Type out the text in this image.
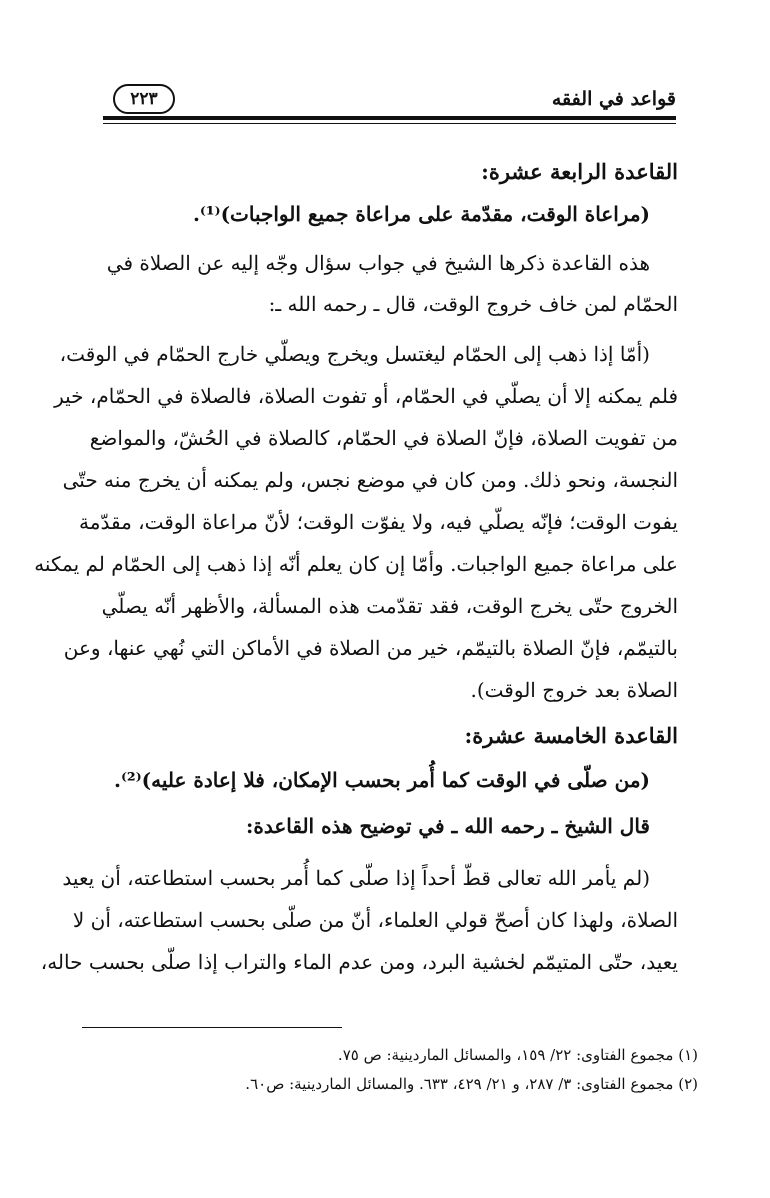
قواعد في الفقه
٢٢٣
القاعدة الرابعة عشرة:
(مراعاة الوقت، مقدّمة على مراعاة جميع الواجبات)⁽¹⁾.
هذه القاعدة ذكرها الشيخ في جواب سؤال وجّه إليه عن الصلاة في
الحمّام لمن خاف خروج الوقت، قال ـ رحمه الله ـ:
(أمّا إذا ذهب إلى الحمّام ليغتسل ويخرج ويصلّي خارج الحمّام في الوقت،
فلم يمكنه إلا أن يصلّي في الحمّام، أو تفوت الصلاة، فالصلاة في الحمّام، خير
من تفويت الصلاة، فإنّ الصلاة في الحمّام، كالصلاة في الحُشّ، والمواضع
النجسة، ونحو ذلك. ومن كان في موضع نجس، ولم يمكنه أن يخرج منه حتّى
يفوت الوقت؛ فإنّه يصلّي فيه، ولا يفوّت الوقت؛ لأنّ مراعاة الوقت، مقدّمة
على مراعاة جميع الواجبات. وأمّا إن كان يعلم أنّه إذا ذهب إلى الحمّام لم يمكنه
الخروج حتّى يخرج الوقت، فقد تقدّمت هذه المسألة، والأظهر أنّه يصلّي
بالتيمّم، فإنّ الصلاة بالتيمّم، خير من الصلاة في الأماكن التي نُهي عنها، وعن
الصلاة بعد خروج الوقت).
القاعدة الخامسة عشرة:
(من صلّى في الوقت كما أُمر بحسب الإمكان، فلا إعادة عليه)⁽²⁾.
قال الشيخ ـ رحمه الله ـ في توضيح هذه القاعدة:
(لم يأمر الله تعالى قطّ أحداً إذا صلّى كما أُمر بحسب استطاعته، أن يعيد
الصلاة، ولهذا كان أصحّ قولي العلماء، أنّ من صلّى بحسب استطاعته، أن لا
يعيد، حتّى المتيمّم لخشية البرد، ومن عدم الماء والتراب إذا صلّى بحسب حاله،
(١) مجموع الفتاوى: ٢٢/ ١٥٩، والمسائل الماردينية: ص ٧٥.
(٢) مجموع الفتاوى: ٣/ ٢٨٧، و ٢١/ ٤٢٩، ٦٣٣. والمسائل الماردينية: ص٦٠.
